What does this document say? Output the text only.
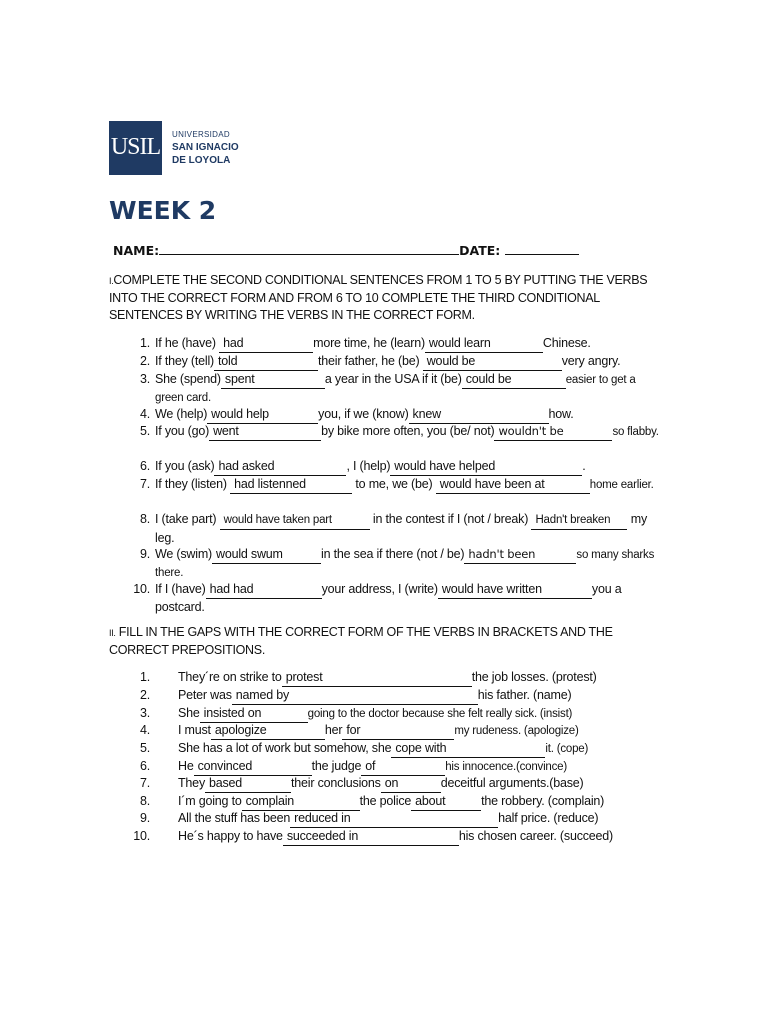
USIL UNIVERSIDAD
SAN IGNACIO
DE LOYOLA
WEEK 2
NAME:	DATE:
I.COMPLETE THE SECOND CONDITIONAL SENTENCES FROM 1 TO 5 BY PUTTING THE VERBS INTO THE CORRECT FORM AND FROM 6 TO 10 COMPLETE THE THIRD CONDITIONAL SENTENCES BY WRITING THE VERBS IN THE CORRECT FORM.
1. If he (have) had	more time, he (learn) would learn	Chinese.
2. If they (tell) told	their father, he (be) would be	very angry.
3. She (spend) spent	a year in the USA if it (be) could be	easier to get a green card.
4. We (help) would help	you, if we (know) knew	how.
5. If you (go) went	by bike more often, you (be/ not) wouldn't be	so flabby.
6. If you (ask) had asked	, I (help) would have helped	.
7. If they (listen) had listenned	to me, we (be) would have been at	home earlier.
8. I (take part) would have taken part	in the contest if I (not / break) Hadn't breaken my leg.
9. We (swim) would swum	in the sea if there (not / be) hadn't been	so many sharks there.
10. If I (have) had had	your address, I (write) would have written	you a postcard.
II. FILL IN THE GAPS WITH THE CORRECT FORM OF THE VERBS IN BRACKETS AND THE CORRECT PREPOSITIONS.
1. They´re on strike to protest	the job losses. (protest)
2. Peter was named by	his father. (name)
3. She insisted on	going to the doctor because she felt really sick. (insist)
4. I must apologize	her for	my rudeness. (apologize)
5. She has a lot of work but somehow, she cope with	it. (cope)
6. He convinced	the judge of	his innocence.(convince)
7. They based	their conclusions on	deceitful arguments.(base)
8. I´m going to complain	the police about	the robbery. (complain)
9. All the stuff has been reduced in	half price. (reduce)
10. He´s happy to have succeeded in	his chosen career. (succeed)
